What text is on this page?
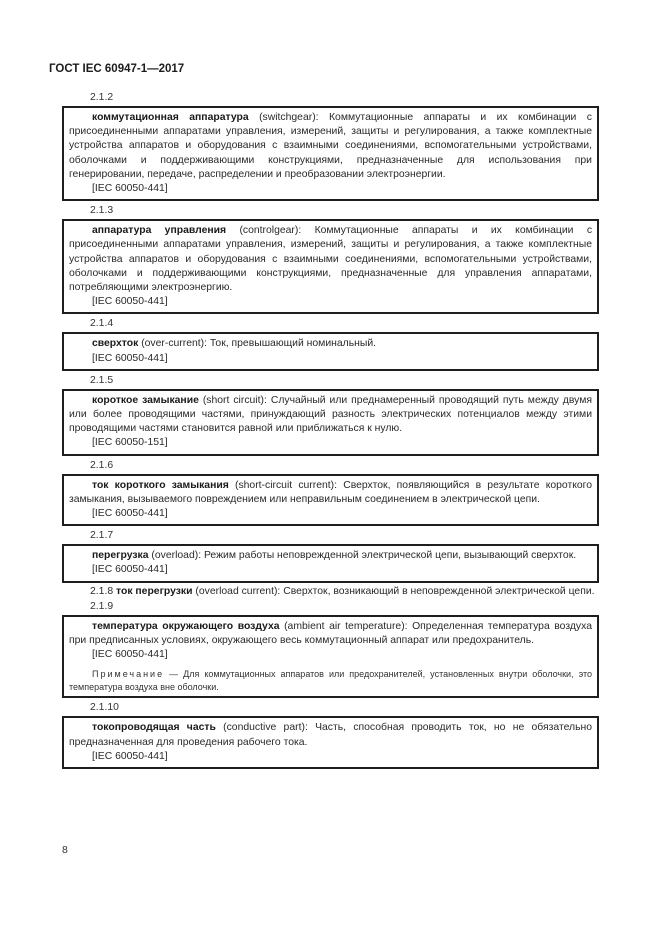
ГОСТ IEC 60947-1—2017
2.1.2

коммутационная аппаратура (switchgear): Коммутационные аппараты и их комбинации с присоединенными аппаратами управления, измерений, защиты и регулирования, а также комплектные устройства аппаратов и оборудования с взаимными соединениями, вспомогательными устройствами, оболочками и поддерживающими конструкциями, предназначенные для использования при генерировании, передаче, распределении и преобразовании электроэнергии.

[IEC 60050-441]
2.1.3

аппаратура управления (controlgear): Коммутационные аппараты и их комбинации с присоединенными аппаратами управления, измерений, защиты и регулирования, а также комплектные устройства аппаратов и оборудования с взаимными соединениями, вспомогательными устройствами, оболочками и поддерживающими конструкциями, предназначенные для управления аппаратами, потребляющими электроэнергию.

[IEC 60050-441]
2.1.4

сверхток (over-current): Ток, превышающий номинальный.

[IEC 60050-441]
2.1.5

короткое замыкание (short circuit): Случайный или преднамеренный проводящий путь между двумя или более проводящими частями, принуждающий разность электрических потенциалов между этими проводящими частями становится равной или приближаться к нулю.

[IEC 60050-151]
2.1.6

ток короткого замыкания (short-circuit current): Сверхток, появляющийся в результате короткого замыкания, вызываемого повреждением или неправильным соединением в электрической цепи.

[IEC 60050-441]
2.1.7

перегрузка (overload): Режим работы неповрежденной электрической цепи, вызывающий сверхток.

[IEC 60050-441]
2.1.8 ток перегрузки (overload current): Сверхток, возникающий в неповрежденной электрической цепи.
2.1.9

температура окружающего воздуха (ambient air temperature): Определенная температура воздуха при предписанных условиях, окружающего весь коммутационный аппарат или предохранитель.

[IEC 60050-441]
Примечание — Для коммутационных аппаратов или предохранителей, установленных внутри оболочки, это температура воздуха вне оболочки.
2.1.10

токопроводящая часть (conductive part): Часть, способная проводить ток, но не обязательно предназначенная для проведения рабочего тока.

[IEC 60050-441]
8
